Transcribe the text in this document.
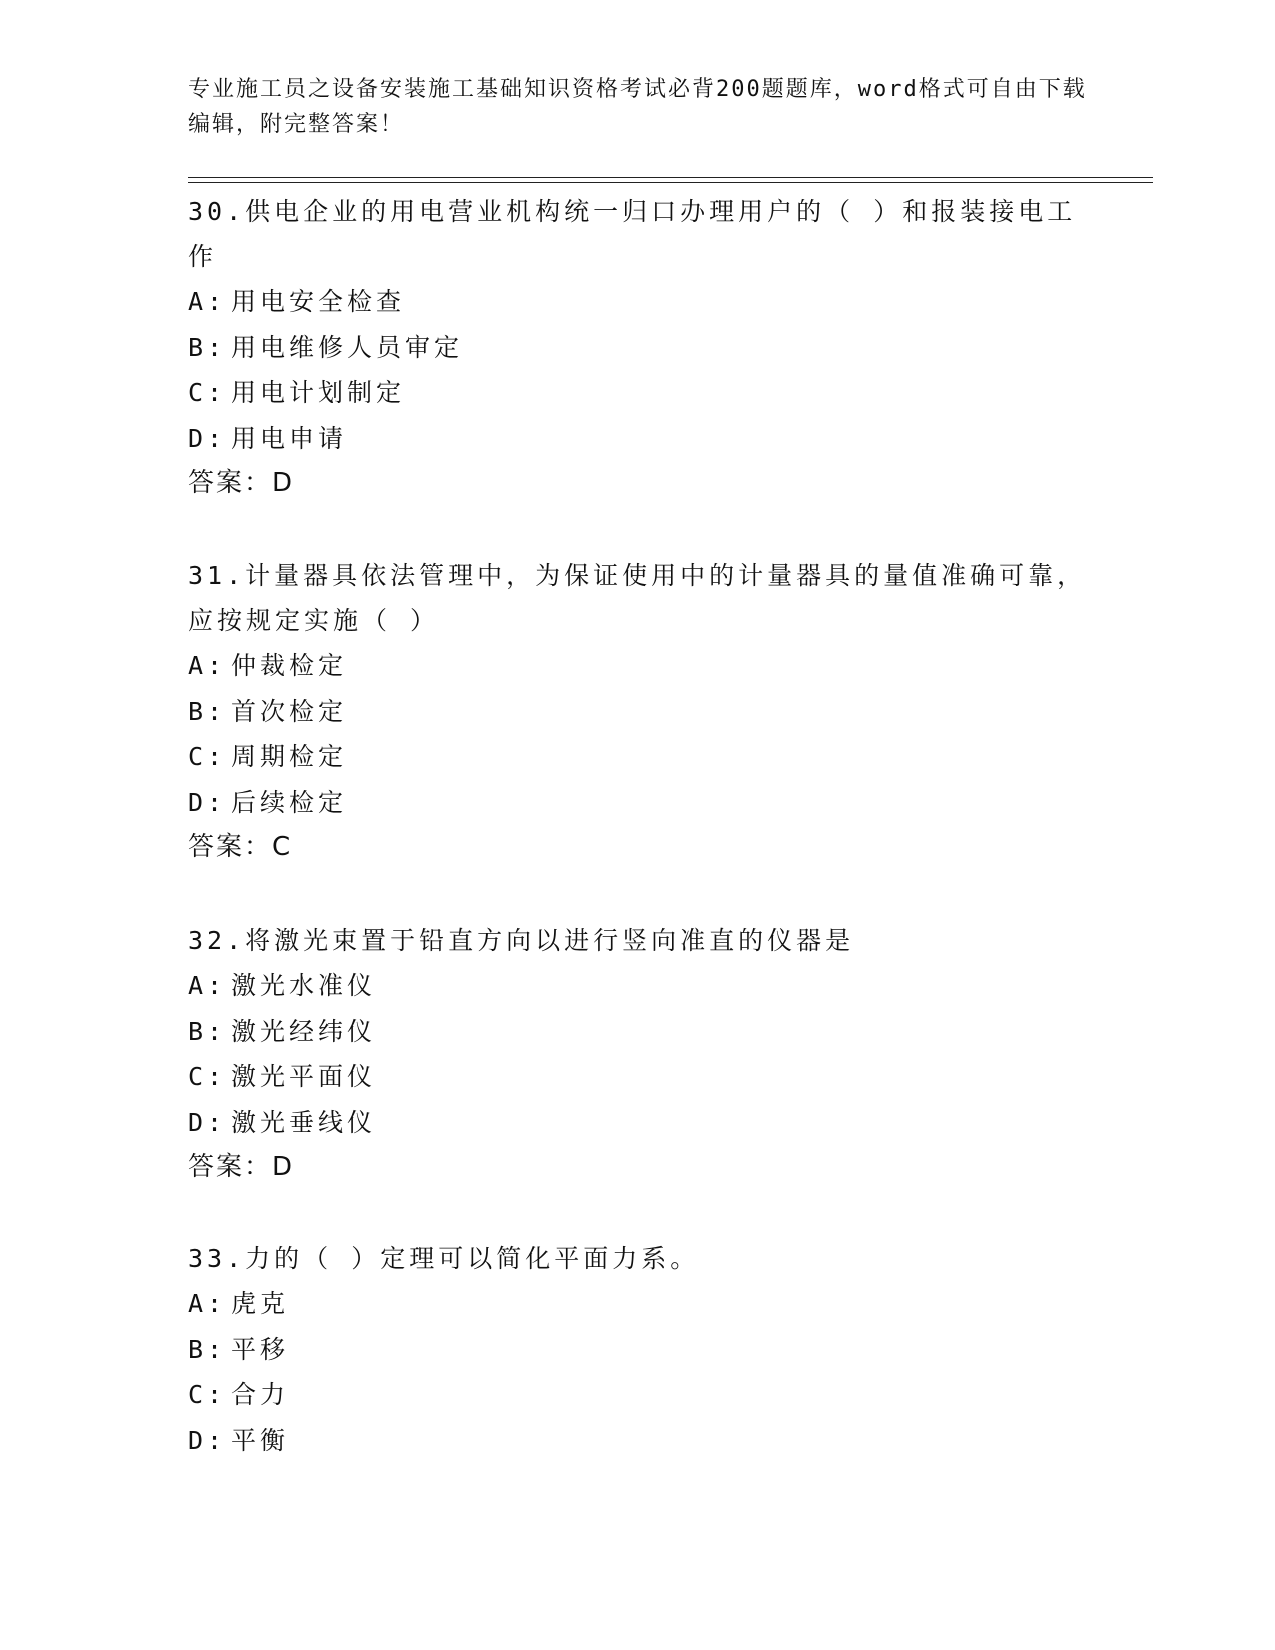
专业施工员之设备安装施工基础知识资格考试必背200题题库，word格式可自由下载编辑，附完整答案！
30.供电企业的用电营业机构统一归口办理用户的（ ）和报装接电工作
A: 用电安全检查
B: 用电维修人员审定
C: 用电计划制定
D: 用电申请
答案：D
31.计量器具依法管理中，为保证使用中的计量器具的量值准确可靠，应按规定实施（ ）
A: 仲裁检定
B: 首次检定
C: 周期检定
D: 后续检定
答案：C
32.将激光束置于铅直方向以进行竖向准直的仪器是
A: 激光水准仪
B: 激光经纬仪
C: 激光平面仪
D: 激光垂线仪
答案：D
33.力的（ ）定理可以简化平面力系。
A: 虎克
B: 平移
C: 合力
D: 平衡
